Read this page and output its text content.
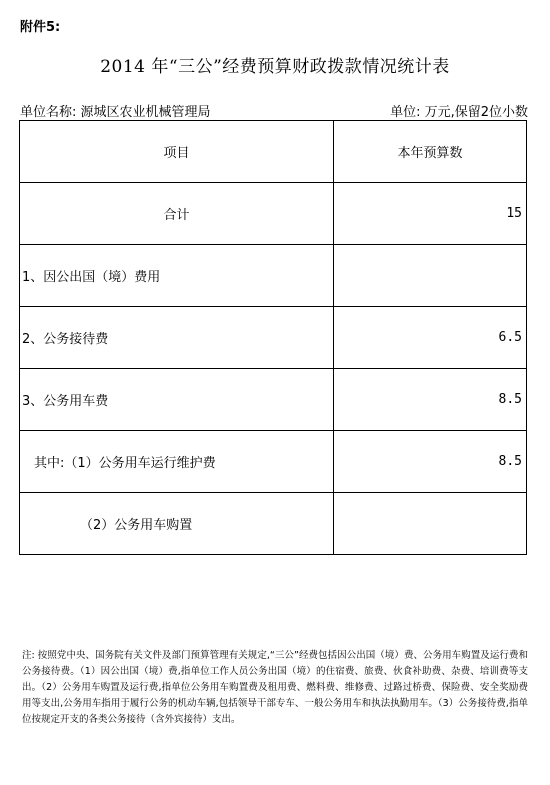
附件5:
2014 年“三公”经费预算财政拨款情况统计表
单位名称: 源城区农业机械管理局	单位: 万元,保留2位小数
项目	本年预算数
合计	15
1、因公出国（境）费用	
2、公务接待费	6.5
3、公务用车费	8.5
其中:（1）公务用车运行维护费	8.5
（2）公务用车购置	
注: 按照党中央、国务院有关文件及部门预算管理有关规定,“三公”经费包括因公出国（境）费、公务用车购置及运行费和公务接待费。（1）因公出国（境）费,指单位工作人员公务出国（境）的住宿费、旅费、伙食补助费、杂费、培训费等支出。（2）公务用车购置及运行费,指单位公务用车购置费及租用费、燃料费、维修费、过路过桥费、保险费、安全奖励费用等支出,公务用车指用于履行公务的机动车辆,包括领导干部专车、一般公务用车和执法执勤用车。（3）公务接待费,指单位按规定开支的各类公务接待（含外宾接待）支出。
